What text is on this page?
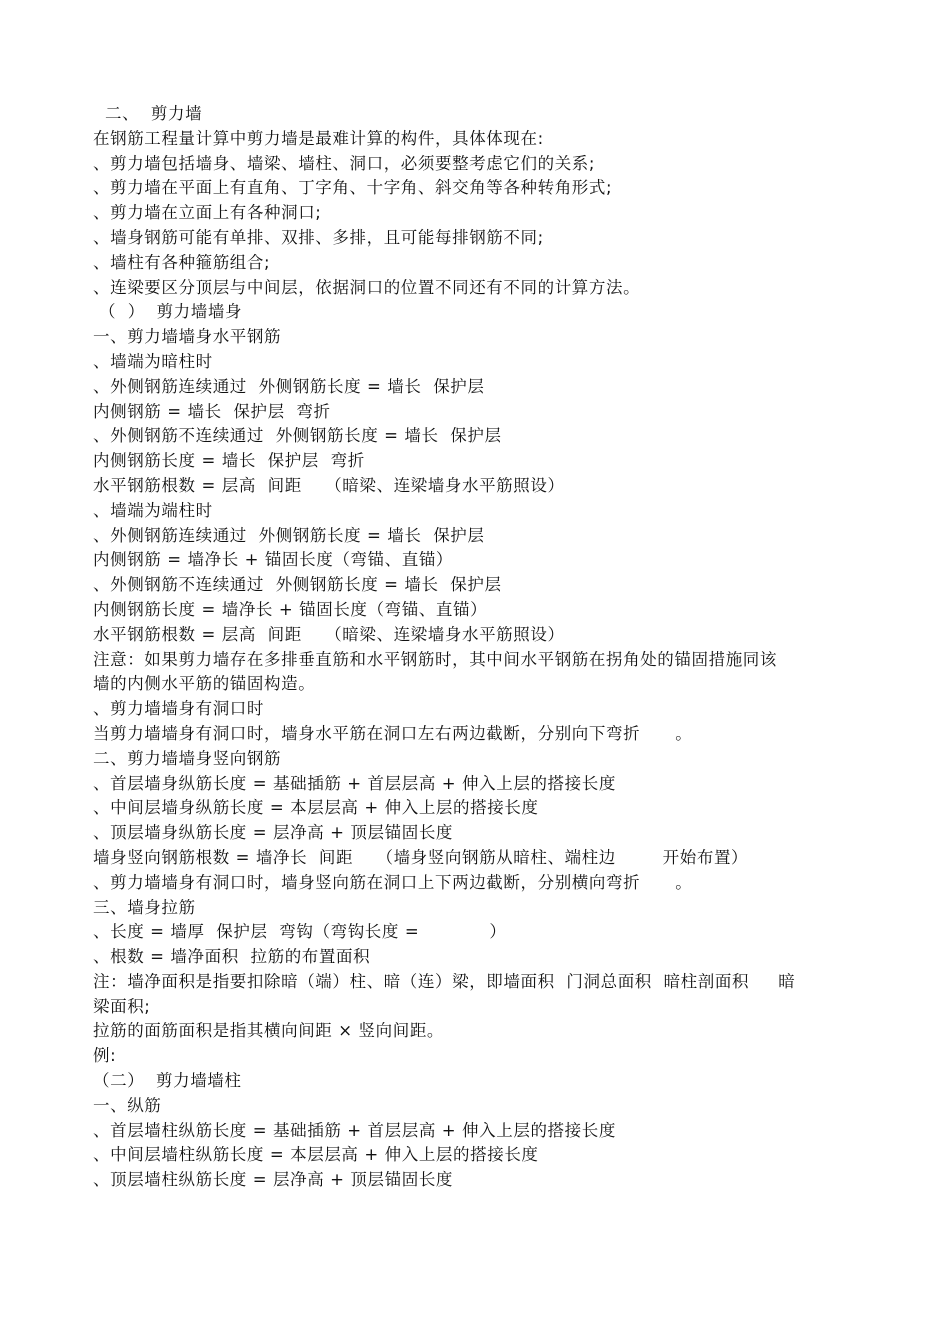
二、  剪力墙
在钢筋工程量计算中剪力墙是最难计算的构件，具体体现在:
、剪力墙包括墙身、墙梁、墙柱、洞口，必须要整考虑它们的关系;
、剪力墙在平面上有直角、丁字角、十字角、斜交角等各种转角形式;
、剪力墙在立面上有各种洞口;
、墙身钢筋可能有单排、双排、多排，且可能每排钢筋不同;
、墙柱有各种箍筋组合;
、连梁要区分顶层与中间层，依据洞口的位置不同还有不同的计算方法。
（  ）  剪力墙墙身
一、剪力墙墙身水平钢筋
、墙端为暗柱时
、外侧钢筋连续通过  外侧钢筋长度 = 墙长  保护层
内侧钢筋 = 墙长  保护层  弯折
、外侧钢筋不连续通过  外侧钢筋长度 = 墙长  保护层
内侧钢筋长度 = 墙长  保护层  弯折
水平钢筋根数 = 层高  间距    （暗梁、连梁墙身水平筋照设）
、墙端为端柱时
、外侧钢筋连续通过  外侧钢筋长度 = 墙长  保护层
内侧钢筋 = 墙净长 + 锚固长度（弯锚、直锚）
、外侧钢筋不连续通过  外侧钢筋长度 = 墙长  保护层
内侧钢筋长度 = 墙净长 + 锚固长度（弯锚、直锚）
水平钢筋根数 = 层高  间距    （暗梁、连梁墙身水平筋照设）
注意：如果剪力墙存在多排垂直筋和水平钢筋时，其中间水平钢筋在拐角处的锚固措施同该
墙的内侧水平筋的锚固构造。
、剪力墙墙身有洞口时
当剪力墙墙身有洞口时，墙身水平筋在洞口左右两边截断，分别向下弯折      。
二、剪力墙墙身竖向钢筋
、首层墙身纵筋长度 = 基础插筋 + 首层层高 + 伸入上层的搭接长度
、中间层墙身纵筋长度 = 本层层高 + 伸入上层的搭接长度
、顶层墙身纵筋长度 = 层净高 + 顶层锚固长度
墙身竖向钢筋根数 = 墙净长  间距    （墙身竖向钢筋从暗柱、端柱边        开始布置）
、剪力墙墙身有洞口时，墙身竖向筋在洞口上下两边截断，分别横向弯折      。
三、墙身拉筋
、长度 = 墙厚  保护层  弯钩（弯钩长度 =            ）
、根数 = 墙净面积  拉筋的布置面积
注：墙净面积是指要扣除暗（端）柱、暗（连）梁，即墙面积  门洞总面积  暗柱剖面积     暗
梁面积;
拉筋的面筋面积是指其横向间距 × 竖向间距。
例:
（二）  剪力墙墙柱
一、纵筋
、首层墙柱纵筋长度 = 基础插筋 + 首层层高 + 伸入上层的搭接长度
、中间层墙柱纵筋长度 = 本层层高 + 伸入上层的搭接长度
、顶层墙柱纵筋长度 = 层净高 + 顶层锚固长度
